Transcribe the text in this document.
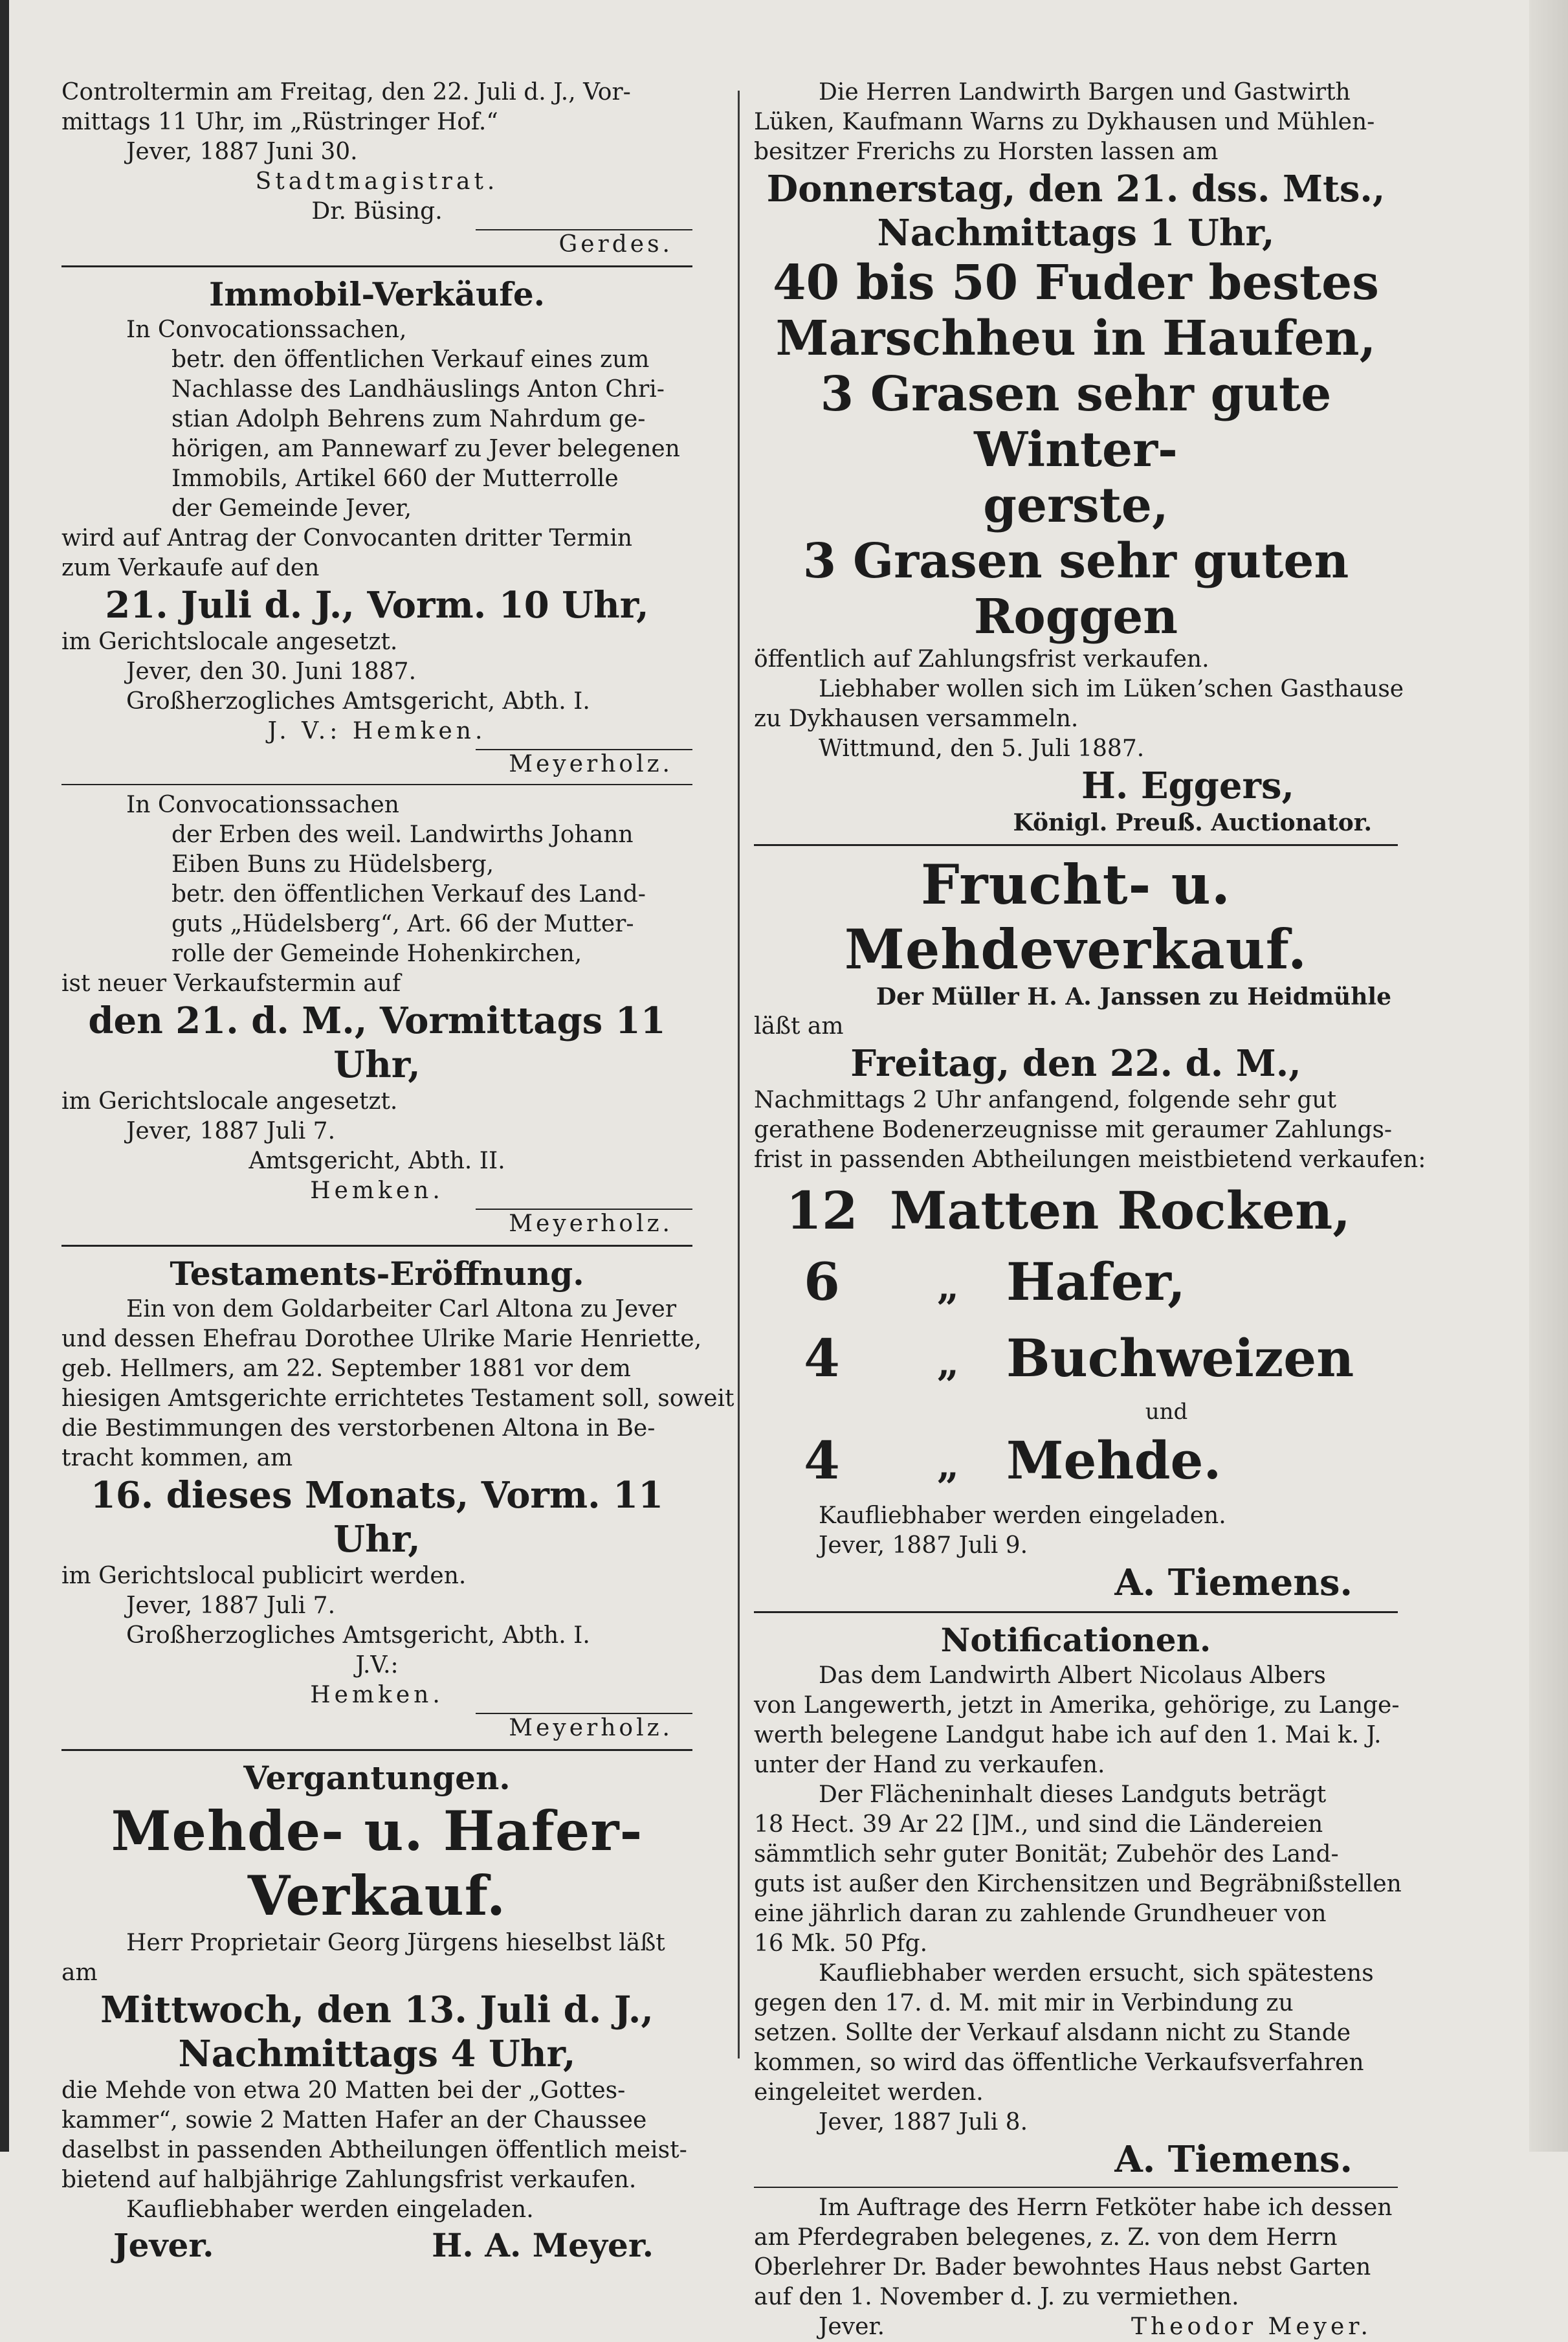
Controltermin am Freitag, den 22. Juli d. J., Vor-
mittags 11 Uhr, im „Rüstringer Hof.“
Jever, 1887 Juni 30.
Stadtmagistrat.
Dr. Büsing.
Gerdes.
Immobil-Verkäufe.
In Convocationssachen,
betr. den öffentlichen Verkauf eines zum
Nachlasse des Landhäuslings Anton Chri-
stian Adolph Behrens zum Nahrdum ge-
hörigen, am Pannewarf zu Jever belegenen
Immobils, Artikel 660 der Mutterrolle
der Gemeinde Jever,
wird auf Antrag der Convocanten dritter Termin
zum Verkaufe auf den
21. Juli d. J., Vorm. 10 Uhr,
im Gerichtslocale angesetzt.
Jever, den 30. Juni 1887.
Großherzogliches Amtsgericht, Abth. I.
J. V.: Hemken.
Meyerholz.
In Convocationssachen
der Erben des weil. Landwirths Johann
Eiben Buns zu Hüdelsberg,
betr. den öffentlichen Verkauf des Land-
guts „Hüdelsberg“, Art. 66 der Mutter-
rolle der Gemeinde Hohenkirchen,
ist neuer Verkaufstermin auf
den 21. d. M., Vormittags 11 Uhr,
im Gerichtslocale angesetzt.
Jever, 1887 Juli 7.
Amtsgericht, Abth. II.
Hemken.
Meyerholz.
Testaments-Eröffnung.
Ein von dem Goldarbeiter Carl Altona zu Jever
und dessen Ehefrau Dorothee Ulrike Marie Henriette,
geb. Hellmers, am 22. September 1881 vor dem
hiesigen Amtsgerichte errichtetes Testament soll, soweit
die Bestimmungen des verstorbenen Altona in Be-
tracht kommen, am
16. dieses Monats, Vorm. 11 Uhr,
im Gerichtslocal publicirt werden.
Jever, 1887 Juli 7.
Großherzogliches Amtsgericht, Abth. I.
J.V.:
Hemken.
Meyerholz.
Vergantungen.
Mehde- u. Hafer-Verkauf.
Herr Proprietair Georg Jürgens hieselbst läßt
am
Mittwoch, den 13. Juli d. J.,
Nachmittags 4 Uhr,
die Mehde von etwa 20 Matten bei der „Gottes-
kammer“, sowie 2 Matten Hafer an der Chaussee
daselbst in passenden Abtheilungen öffentlich meist-
bietend auf halbjährige Zahlungsfrist verkaufen.
Kaufliebhaber werden eingeladen.
Jever.	H. A. Meyer.
Die Herren Landwirth Bargen und Gastwirth
Lüken, Kaufmann Warns zu Dykhausen und Mühlen-
besitzer Frerichs zu Horsten lassen am
Donnerstag, den 21. dss. Mts.,
Nachmittags 1 Uhr,
40 bis 50 Fuder bestes
Marschheu in Haufen,
3 Grasen sehr gute Winter-
gerste,
3 Grasen sehr guten Roggen
öffentlich auf Zahlungsfrist verkaufen.
Liebhaber wollen sich im Lüken’schen Gasthause
zu Dykhausen versammeln.
Wittmund, den 5. Juli 1887.
H. Eggers,
Königl. Preuß. Auctionator.
Frucht- u. Mehdeverkauf.
Der Müller H. A. Janssen zu Heidmühle
läßt am
Freitag, den 22. d. M.,
Nachmittags 2 Uhr anfangend, folgende sehr gut
gerathene Bodenerzeugnisse mit geraumer Zahlungs-
frist in passenden Abtheilungen meistbietend verkaufen:
12 Matten Rocken,
6	„ Hafer,
4	„ Buchweizen
und
4	„ Mehde.
Kaufliebhaber werden eingeladen.
Jever, 1887 Juli 9.
A. Tiemens.
Notificationen.
Das dem Landwirth Albert Nicolaus Albers
von Langewerth, jetzt in Amerika, gehörige, zu Lange-
werth belegene Landgut habe ich auf den 1. Mai k. J.
unter der Hand zu verkaufen.
Der Flächeninhalt dieses Landguts beträgt
18 Hect. 39 Ar 22 []M., und sind die Ländereien
sämmtlich sehr guter Bonität; Zubehör des Land-
guts ist außer den Kirchensitzen und Begräbnißstellen
eine jährlich daran zu zahlende Grundheuer von
16 Mk. 50 Pfg.
Kaufliebhaber werden ersucht, sich spätestens
gegen den 17. d. M. mit mir in Verbindung zu
setzen. Sollte der Verkauf alsdann nicht zu Stande
kommen, so wird das öffentliche Verkaufsverfahren
eingeleitet werden.
Jever, 1887 Juli 8.
A. Tiemens.
Im Auftrage des Herrn Fetköter habe ich dessen
am Pferdegraben belegenes, z. Z. von dem Herrn
Oberlehrer Dr. Bader bewohntes Haus nebst Garten
auf den 1. November d. J. zu vermiethen.
Jever.	Theodor Meyer.
